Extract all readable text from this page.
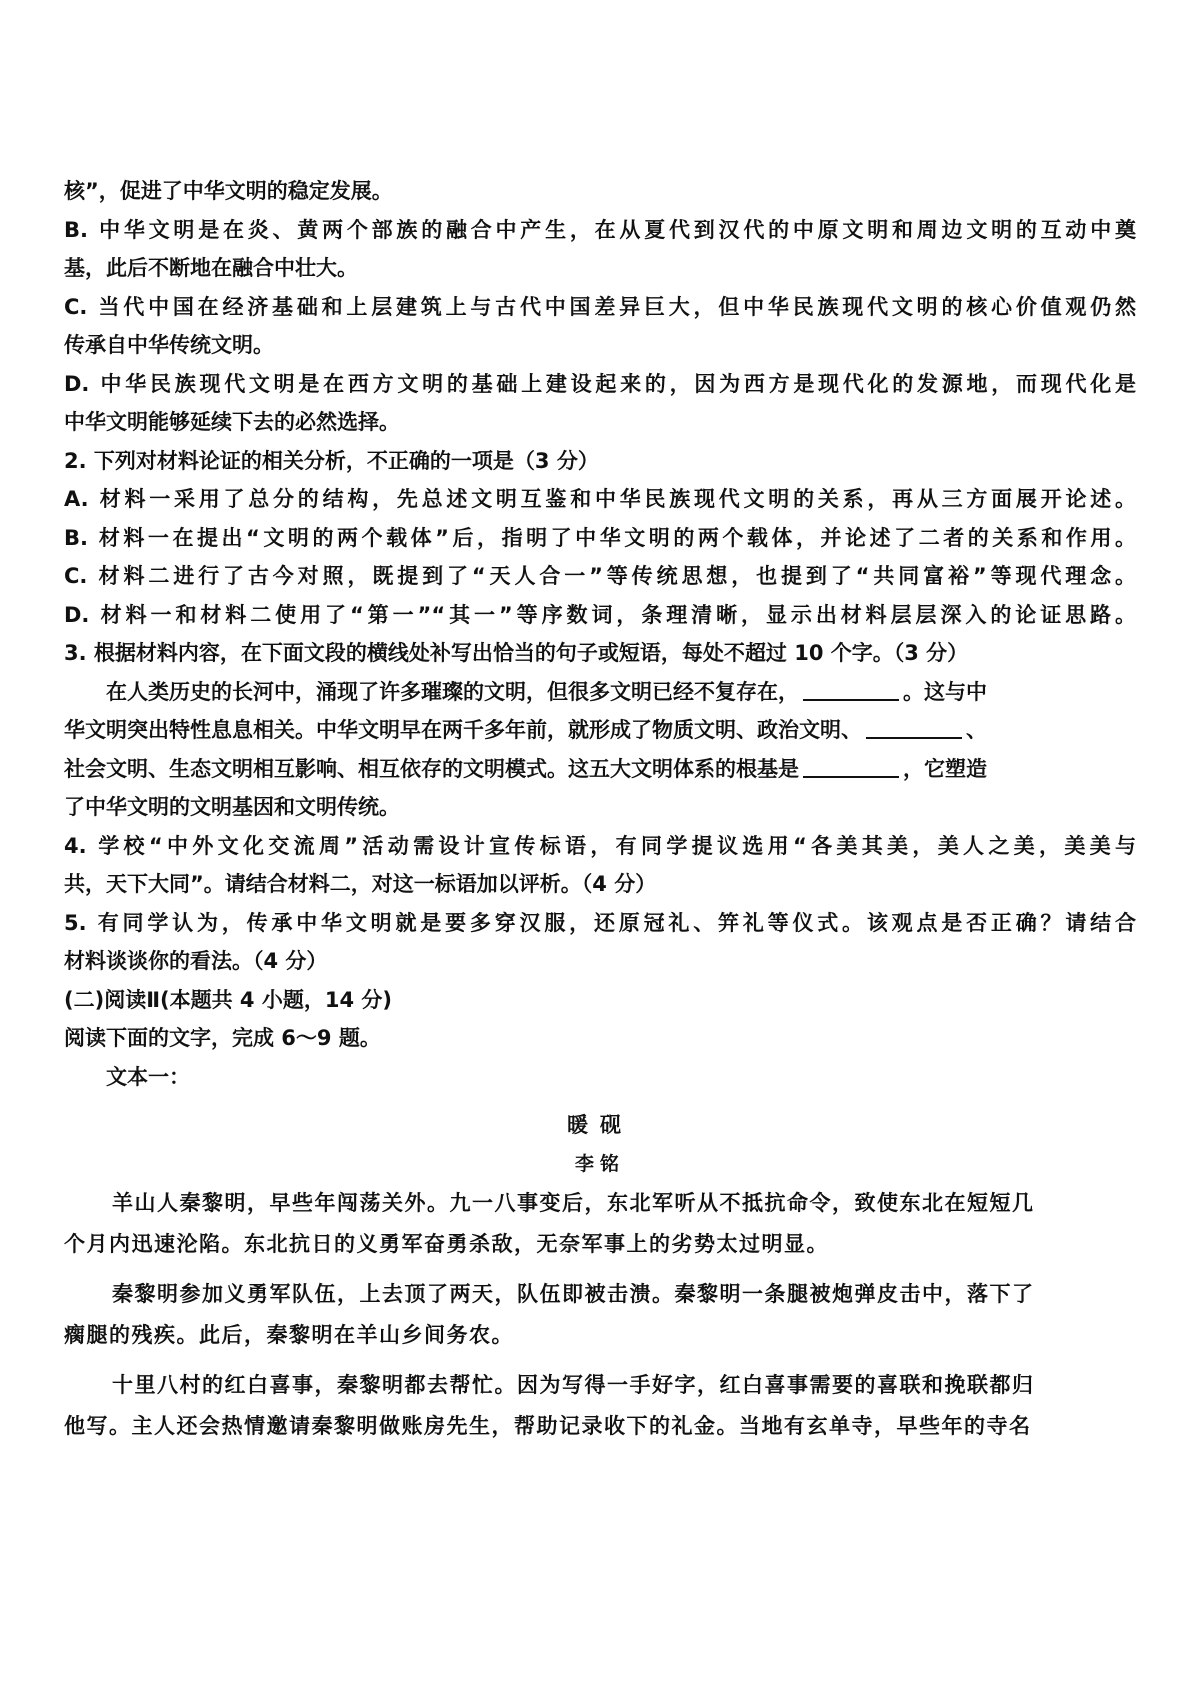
核”，促进了中华文明的稳定发展。
B. 中华文明是在炎、黄两个部族的融合中产生，在从夏代到汉代的中原文明和周边文明的互动中奠
基，此后不断地在融合中壮大。
C. 当代中国在经济基础和上层建筑上与古代中国差异巨大，但中华民族现代文明的核心价值观仍然
传承自中华传统文明。
D. 中华民族现代文明是在西方文明的基础上建设起来的，因为西方是现代化的发源地，而现代化是
中华文明能够延续下去的必然选择。
2. 下列对材料论证的相关分析，不正确的一项是（3 分）
A. 材料一采用了总分的结构，先总述文明互鉴和中华民族现代文明的关系，再从三方面展开论述。
B. 材料一在提出“文明的两个载体”后，指明了中华文明的两个载体，并论述了二者的关系和作用。
C. 材料二进行了古今对照，既提到了“天人合一”等传统思想，也提到了“共同富裕”等现代理念。
D. 材料一和材料二使用了“第一”“其一”等序数词，条理清晰，显示出材料层层深入的论证思路。
3. 根据材料内容，在下面文段的横线处补写出恰当的句子或短语，每处不超过 10 个字。（3 分）
在人类历史的长河中，涌现了许多璀璨的文明，但很多文明已经不复存在，	。这与中
华文明突出特性息息相关。中华文明早在两千多年前，就形成了物质文明、政治文明、	、
社会文明、生态文明相互影响、相互依存的文明模式。这五大文明体系的根基是	，它塑造
了中华文明的文明基因和文明传统。
4. 学校“中外文化交流周”活动需设计宣传标语，有同学提议选用“各美其美，美人之美，美美与
共，天下大同”。请结合材料二，对这一标语加以评析。（4 分）
5. 有同学认为，传承中华文明就是要多穿汉服，还原冠礼、笄礼等仪式。该观点是否正确？请结合
材料谈谈你的看法。（4 分）
(二)阅读Ⅱ(本题共 4 小题，14 分)
阅读下面的文字，完成 6～9 题。
文本一：
暖砚
李铭
羊山人秦黎明，早些年闯荡关外。九一八事变后，东北军听从不抵抗命令，致使东北在短短几
个月内迅速沦陷。东北抗日的义勇军奋勇杀敌，无奈军事上的劣势太过明显。
秦黎明参加义勇军队伍，上去顶了两天，队伍即被击溃。秦黎明一条腿被炮弹皮击中，落下了
瘸腿的残疾。此后，秦黎明在羊山乡间务农。
十里八村的红白喜事，秦黎明都去帮忙。因为写得一手好字，红白喜事需要的喜联和挽联都归
他写。主人还会热情邀请秦黎明做账房先生，帮助记录收下的礼金。当地有玄单寺，早些年的寺名
